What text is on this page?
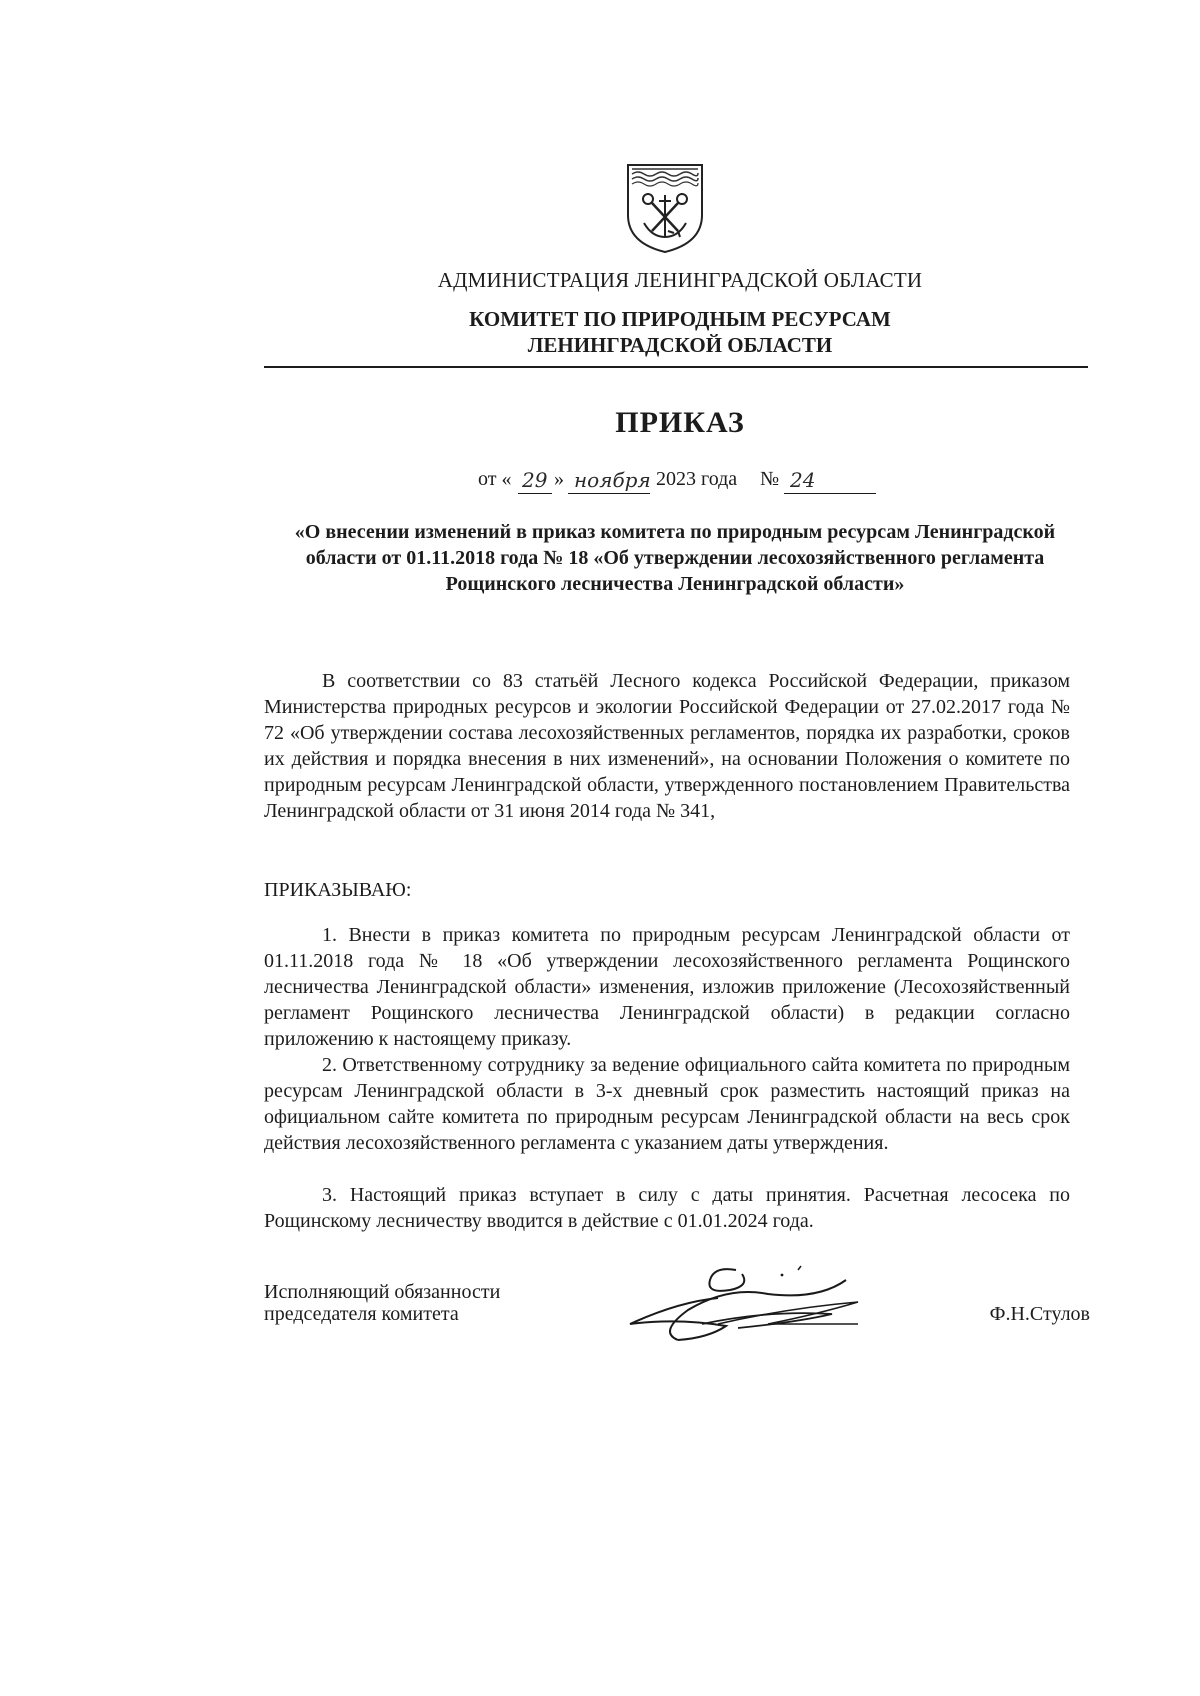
АДМИНИСТРАЦИЯ ЛЕНИНГРАДСКОЙ ОБЛАСТИ
КОМИТЕТ ПО ПРИРОДНЫМ РЕСУРСАМ
ЛЕНИНГРАДСКОЙ ОБЛАСТИ
ПРИКАЗ
от « 29 » ноября 2023 года № 24
«О внесении изменений в приказ комитета по природным ресурсам Ленинградской области от 01.11.2018 года № 18 «Об утверждении лесохозяйственного регламента Рощинского лесничества Ленинградской области»
В соответствии со 83 статьёй Лесного кодекса Российской Федерации, приказом Министерства природных ресурсов и экологии Российской Федерации от 27.02.2017 года № 72 «Об утверждении состава лесохозяйственных регламентов, порядка их разработки, сроков их действия и порядка внесения в них изменений», на основании Положения о комитете по природным ресурсам Ленинградской области, утвержденного постановлением Правительства Ленинградской области от 31 июня 2014 года № 341,
ПРИКАЗЫВАЮ:
1. Внести в приказ комитета по природным ресурсам Ленинградской области от 01.11.2018 года № 18 «Об утверждении лесохозяйственного регламента Рощинского лесничества Ленинградской области» изменения, изложив приложение (Лесохозяйственный регламент Рощинского лесничества Ленинградской области) в редакции согласно приложению к настоящему приказу.
2. Ответственному сотруднику за ведение официального сайта комитета по природным ресурсам Ленинградской области в 3-х дневный срок разместить настоящий приказ на официальном сайте комитета по природным ресурсам Ленинградской области на весь срок действия лесохозяйственного регламента с указанием даты утверждения.
3. Настоящий приказ вступает в силу с даты принятия. Расчетная лесосека по Рощинскому лесничеству вводится в действие с 01.01.2024 года.
Исполняющий обязанности
председателя комитета	Ф.Н.Стулов
